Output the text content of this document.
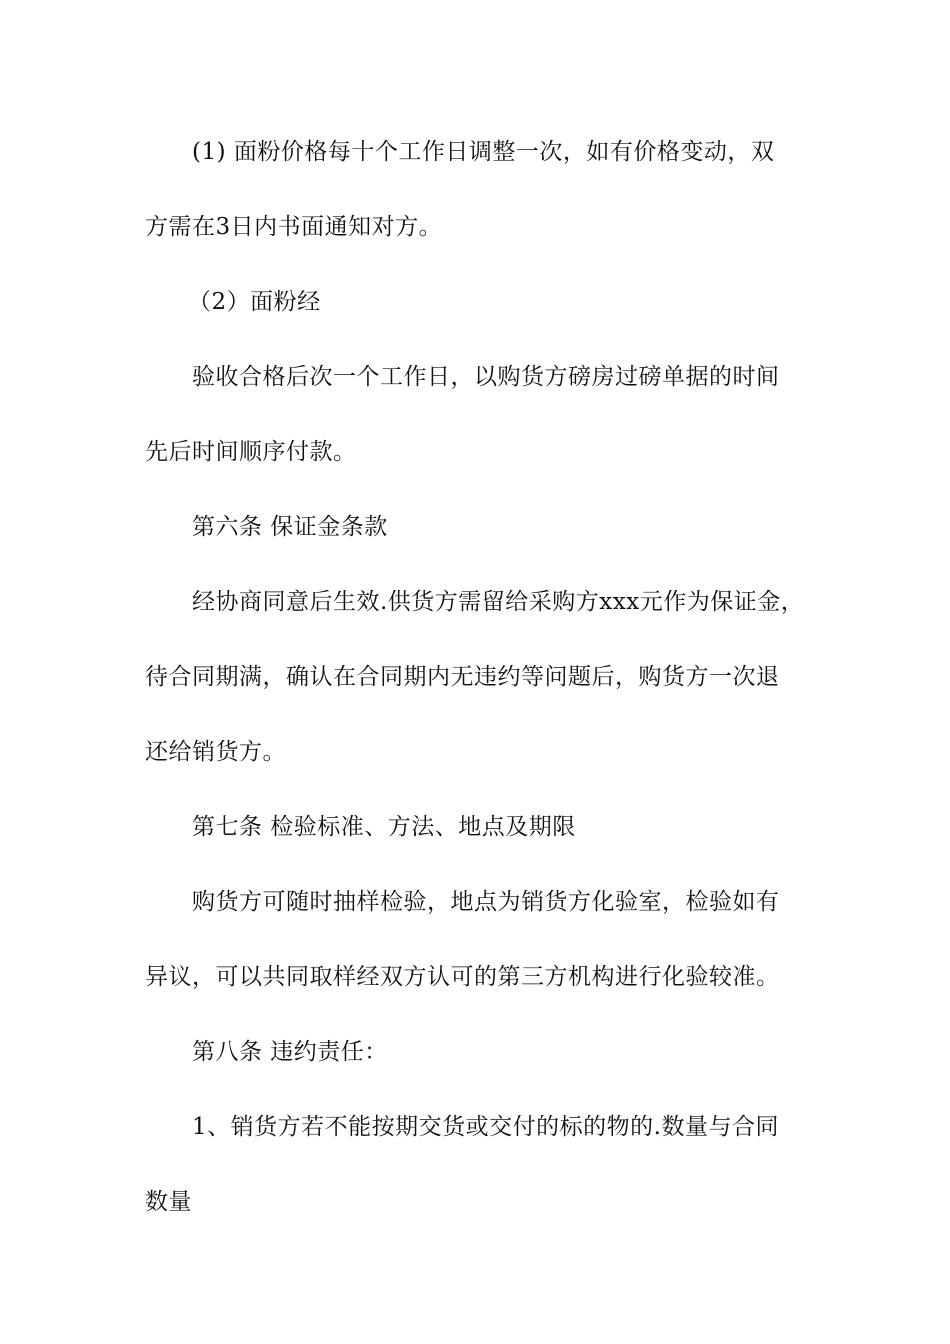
(1) 面粉价格每十个工作日调整一次，如有价格变动，双
方需在3日内书面通知对方。
（2）面粉经
验收合格后次一个工作日，以购货方磅房过磅单据的时间
先后时间顺序付款。
第六条 保证金条款
经协商同意后生效.供货方需留给采购方xxx元作为保证金，
待合同期满，确认在合同期内无违约等问题后，购货方一次退
还给销货方。
第七条 检验标准、方法、地点及期限
购货方可随时抽样检验，地点为销货方化验室，检验如有
异议，可以共同取样经双方认可的第三方机构进行化验较准。
第八条 违约责任：
1、销货方若不能按期交货或交付的标的物的.数量与合同
数量
